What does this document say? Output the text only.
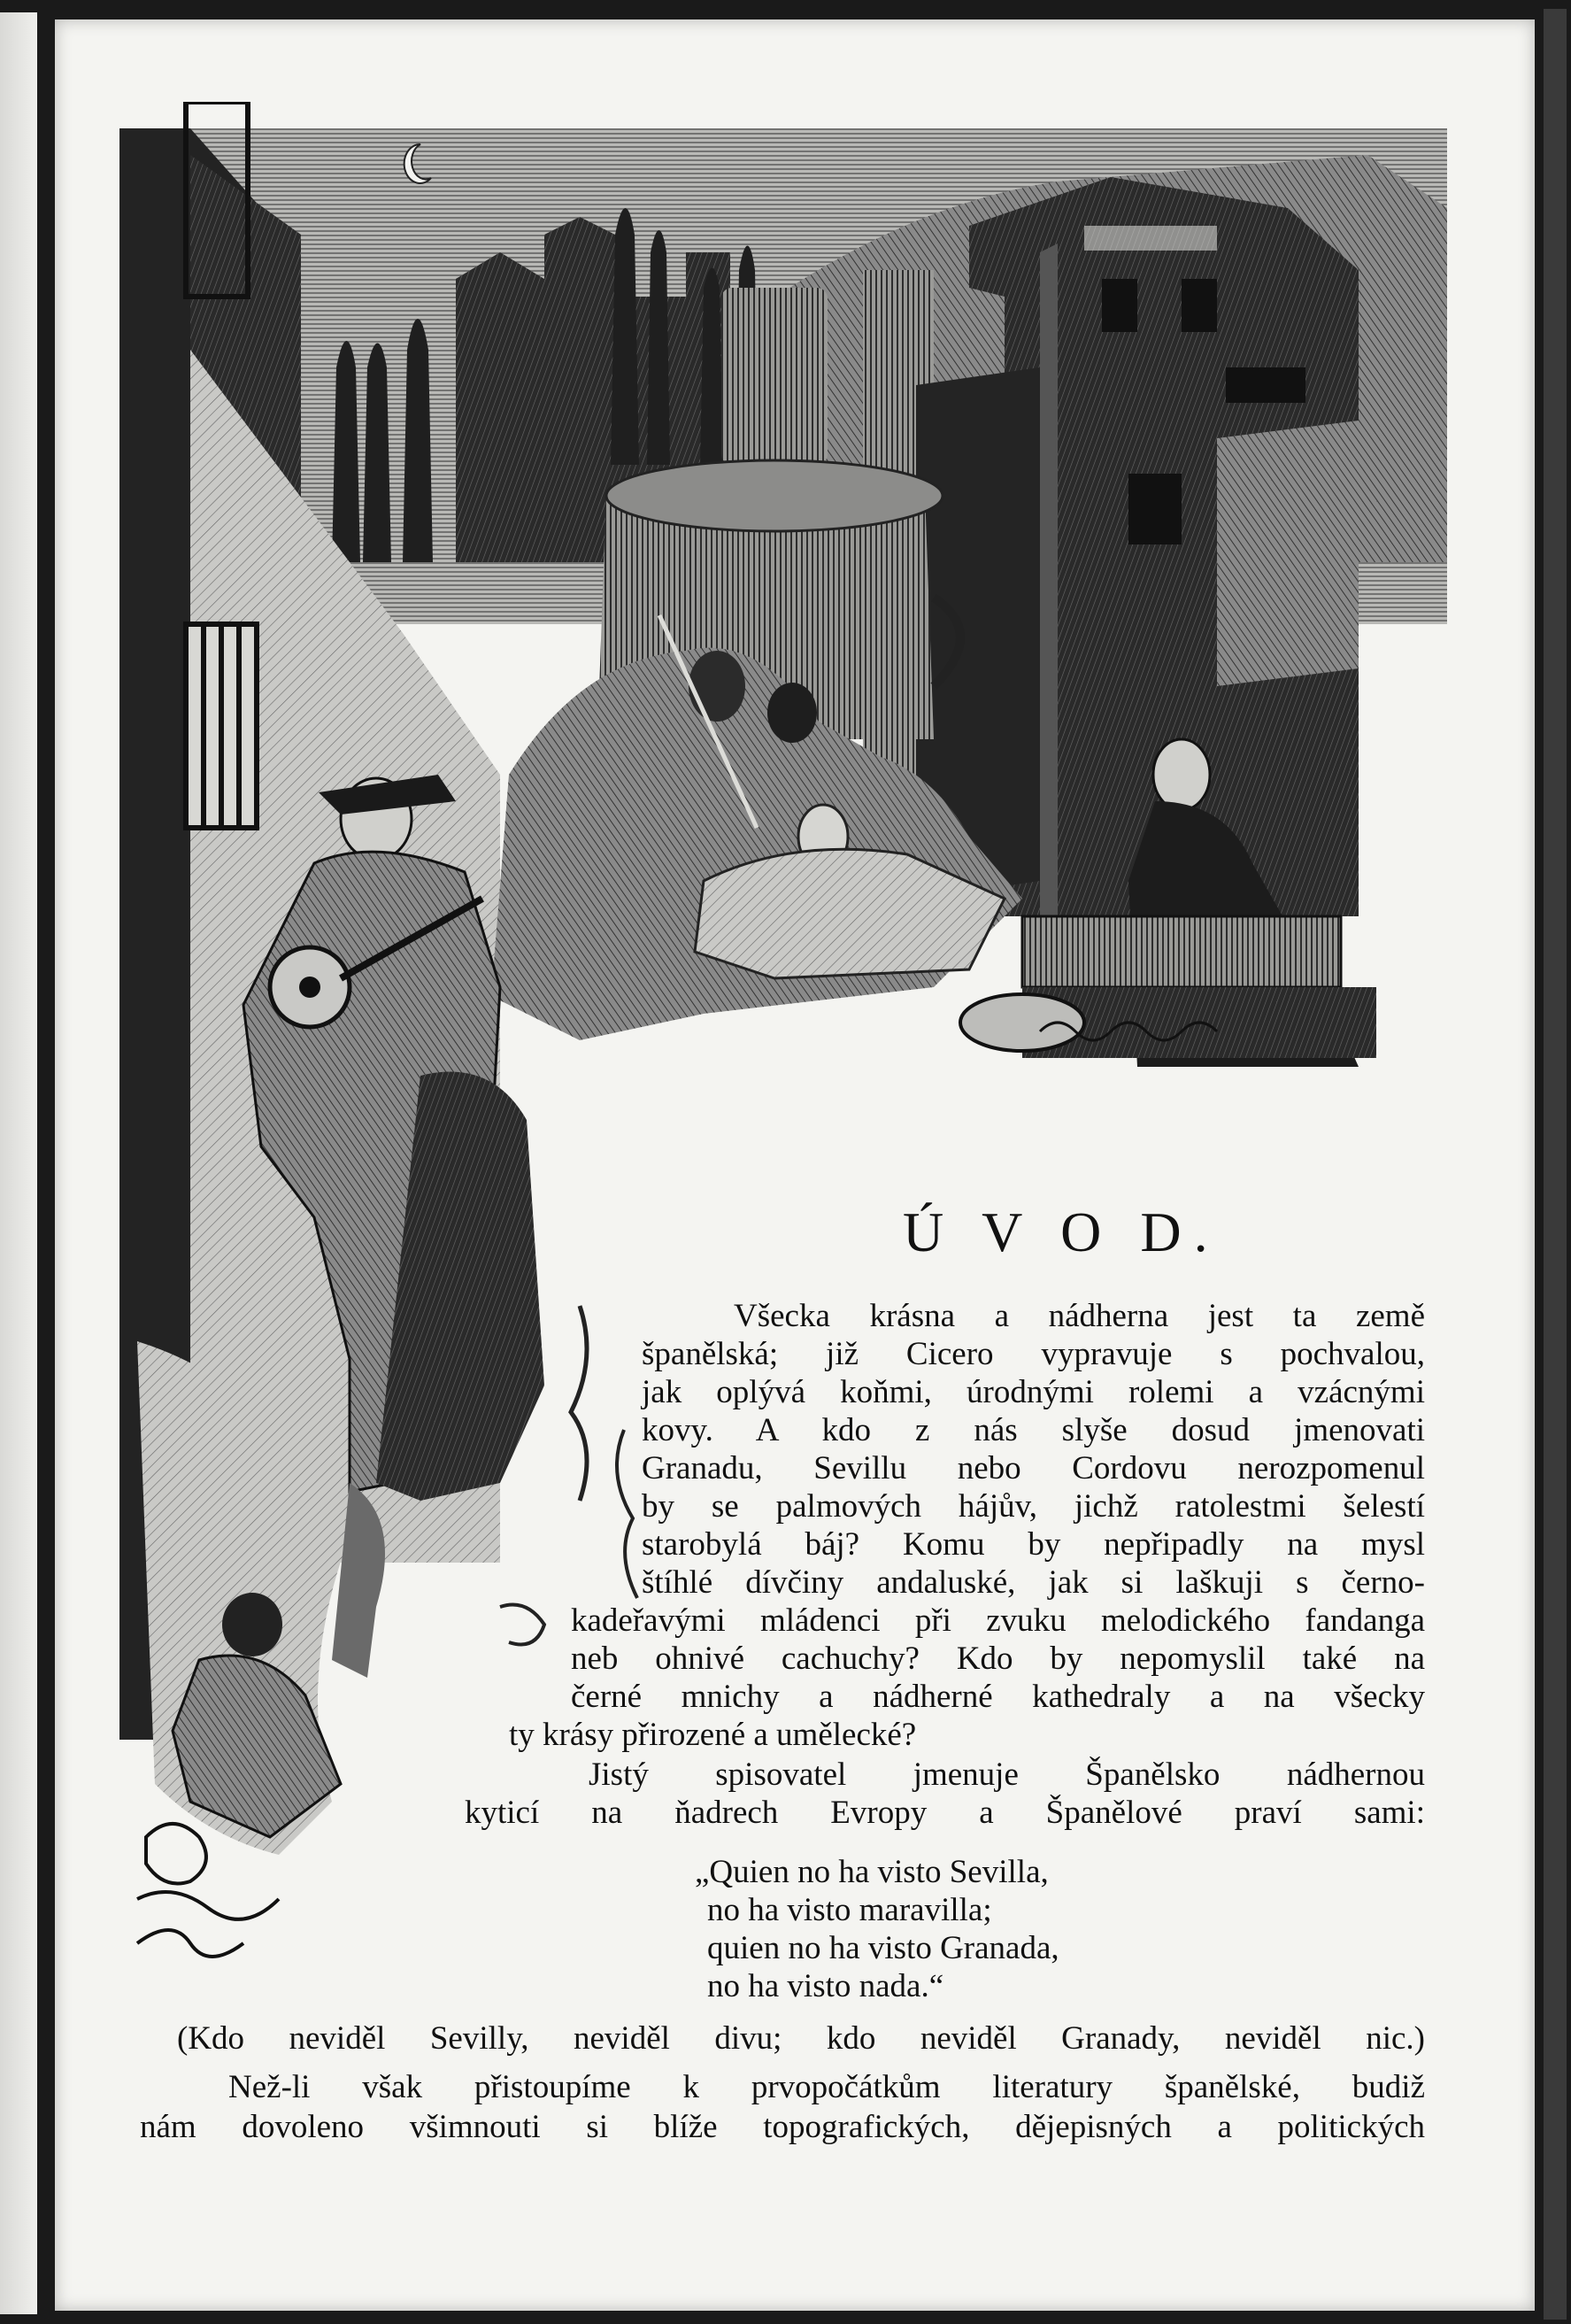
Ú V O D.
Všecka krásna a nádherna jest ta země
španělská; již Cicero vypravuje s pochvalou,
jak oplývá koňmi, úrodnými rolemi a vzácnými
kovy. A kdo z nás slyše dosud jmenovati
Granadu, Sevillu nebo Cordovu nerozpomenul
by se palmových hájův, jichž ratolestmi šelestí
starobylá báj? Komu by nepřipadly na mysl
štíhlé dívčiny andaluské, jak si laškuji s černo-
kadeřavými mládenci při zvuku melodického fandanga
neb ohnivé cachuchy? Kdo by nepomyslil také na
černé mnichy a nádherné kathedraly a na všecky
ty krásy přirozené a umělecké?
Jistý spisovatel jmenuje Španělsko nádhernou
kyticí na ňadrech Evropy a Španělové praví sami:
„Quien no ha visto Sevilla,
no ha visto maravilla;
quien no ha visto Granada,
no ha visto nada.“
(Kdo neviděl Sevilly, neviděl divu; kdo neviděl Granady, neviděl nic.)
Než-li však přistoupíme k prvopočátkům literatury španělské, budiž
nám dovoleno všimnouti si blíže topografických, dějepisných a politických
